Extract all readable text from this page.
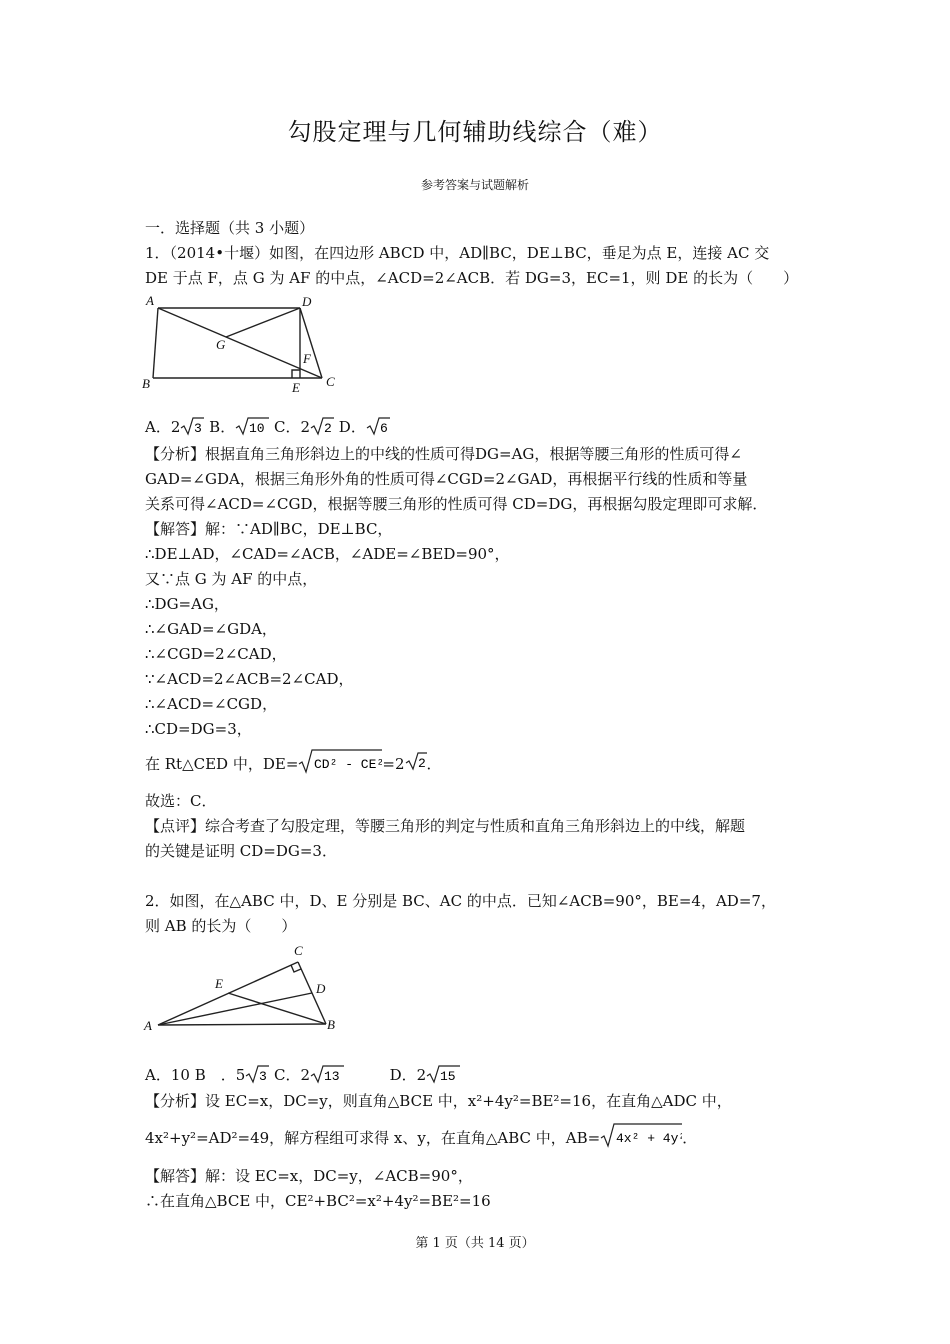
勾股定理与几何辅助线综合（难）
参考答案与试题解析
一．选择题（共 3 小题）
1．（2014•十堰）如图，在四边形 ABCD 中，AD∥BC，DE⊥BC，垂足为点 E，连接 AC 交
DE 于点 F，点 G 为 AF 的中点，∠ACD=2∠ACB．若 DG=3，EC=1，则 DE 的长为（　　）
A	D
G
F
B	E C
A．2 3 B． 10 C．2 2 D． 6
【分析】根据直角三角形斜边上的中线的性质可得DG=AG，根据等腰三角形的性质可得∠
GAD=∠GDA，根据三角形外角的性质可得∠CGD=2∠GAD，再根据平行线的性质和等量
关系可得∠ACD=∠CGD，根据等腰三角形的性质可得 CD=DG，再根据勾股定理即可求解．
【解答】解：∵AD∥BC，DE⊥BC，
∴DE⊥AD，∠CAD=∠ACB，∠ADE=∠BED=90°，
又∵点 G 为 AF 的中点，
∴DG=AG，
∴∠GAD=∠GDA，
∴∠CGD=2∠CAD，
∵∠ACD=2∠ACB=2∠CAD，
∴∠ACD=∠CGD，
∴CD=DG=3，
在 Rt△CED 中，DE= CD² - CE²
=2 2 ．
故选：C．
【点评】综合考查了勾股定理，等腰三角形的判定与性质和直角三角形斜边上的中线，解题
的关键是证明 CD=DG=3．
2．如图，在△ABC 中，D、E 分别是 BC、AC 的中点．已知∠ACB=90°，BE=4，AD=7，
则 AB 的长为（　　）
C
E	D
A	B
A．10 B　．5 3 C．2 13	D．2 15
【分析】设 EC=x，DC=y，则直角△BCE 中，x²+4y²=BE²=16，在直角△ADC 中，
4x²+y²=AD²=49，解方程组可求得 x、y，在直角△ABC 中，AB= 4x² + 4y²
．
【解答】解：设 EC=x，DC=y，∠ACB=90°，
∴在直角△BCE 中，CE²+BC²=x²+4y²=BE²=16
第 1 页（共 14 页）
